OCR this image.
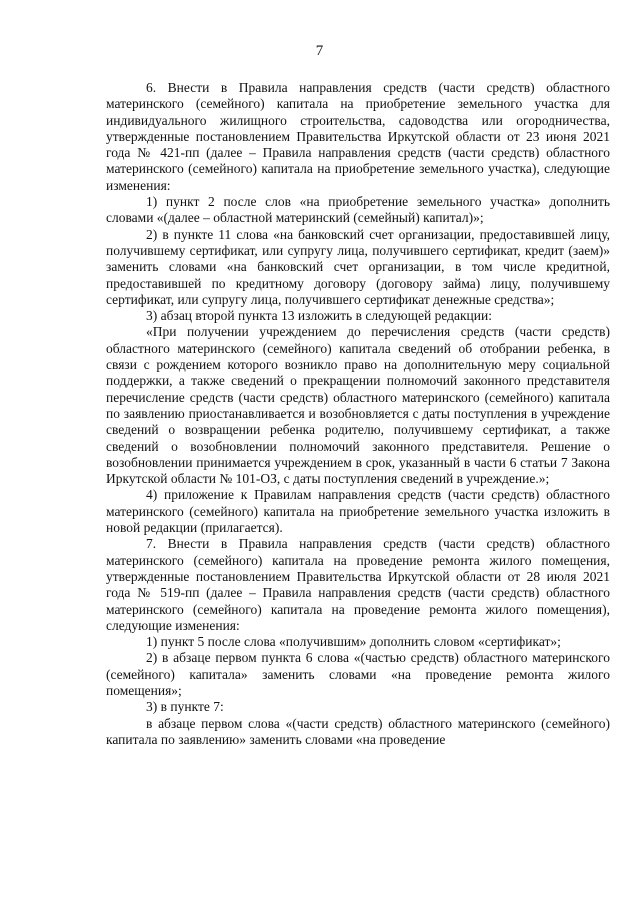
7

6. Внести в Правила направления средств (части средств) областного материнского (семейного) капитала на приобретение земельного участка для индивидуального жилищного строительства, садоводства или огородничества, утвержденные постановлением Правительства Иркутской области от 23 июня 2021 года № 421-пп (далее – Правила направления средств (части средств) областного материнского (семейного) капитала на приобретение земельного участка), следующие изменения:

1) пункт 2 после слов «на приобретение земельного участка» дополнить словами «(далее – областной материнский (семейный) капитал)»;

2) в пункте 11 слова «на банковский счет организации, предоставившей лицу, получившему сертификат, или супругу лица, получившего сертификат, кредит (заем)» заменить словами «на банковский счет организации, в том числе кредитной, предоставившей по кредитному договору (договору займа) лицу, получившему сертификат, или супругу лица, получившего сертификат денежные средства»;

3) абзац второй пункта 13 изложить в следующей редакции:

«При получении учреждением до перечисления средств (части средств) областного материнского (семейного) капитала сведений об отобрании ребенка, в связи с рождением которого возникло право на дополнительную меру социальной поддержки, а также сведений о прекращении полномочий законного представителя перечисление средств (части средств) областного материнского (семейного) капитала по заявлению приостанавливается и возобновляется с даты поступления в учреждение сведений о возвращении ребенка родителю, получившему сертификат, а также сведений о возобновлении полномочий законного представителя. Решение о возобновлении принимается учреждением в срок, указанный в части 6 статьи 7 Закона Иркутской области № 101-ОЗ, с даты поступления сведений в учреждение.»;

4) приложение к Правилам направления средств (части средств) областного материнского (семейного) капитала на приобретение земельного участка изложить в новой редакции (прилагается).

7. Внести в Правила направления средств (части средств) областного материнского (семейного) капитала на проведение ремонта жилого помещения, утвержденные постановлением Правительства Иркутской области от 28 июля 2021 года № 519-пп (далее – Правила направления средств (части средств) областного материнского (семейного) капитала на проведение ремонта жилого помещения), следующие изменения:

1) пункт 5 после слова «получившим» дополнить словом «сертификат»;

2) в абзаце первом пункта 6 слова «(частью средств) областного материнского (семейного) капитала» заменить словами «на проведение ремонта жилого помещения»;

3) в пункте 7:

в абзаце первом слова «(части средств) областного материнского (семейного) капитала по заявлению» заменить словами «на проведение
